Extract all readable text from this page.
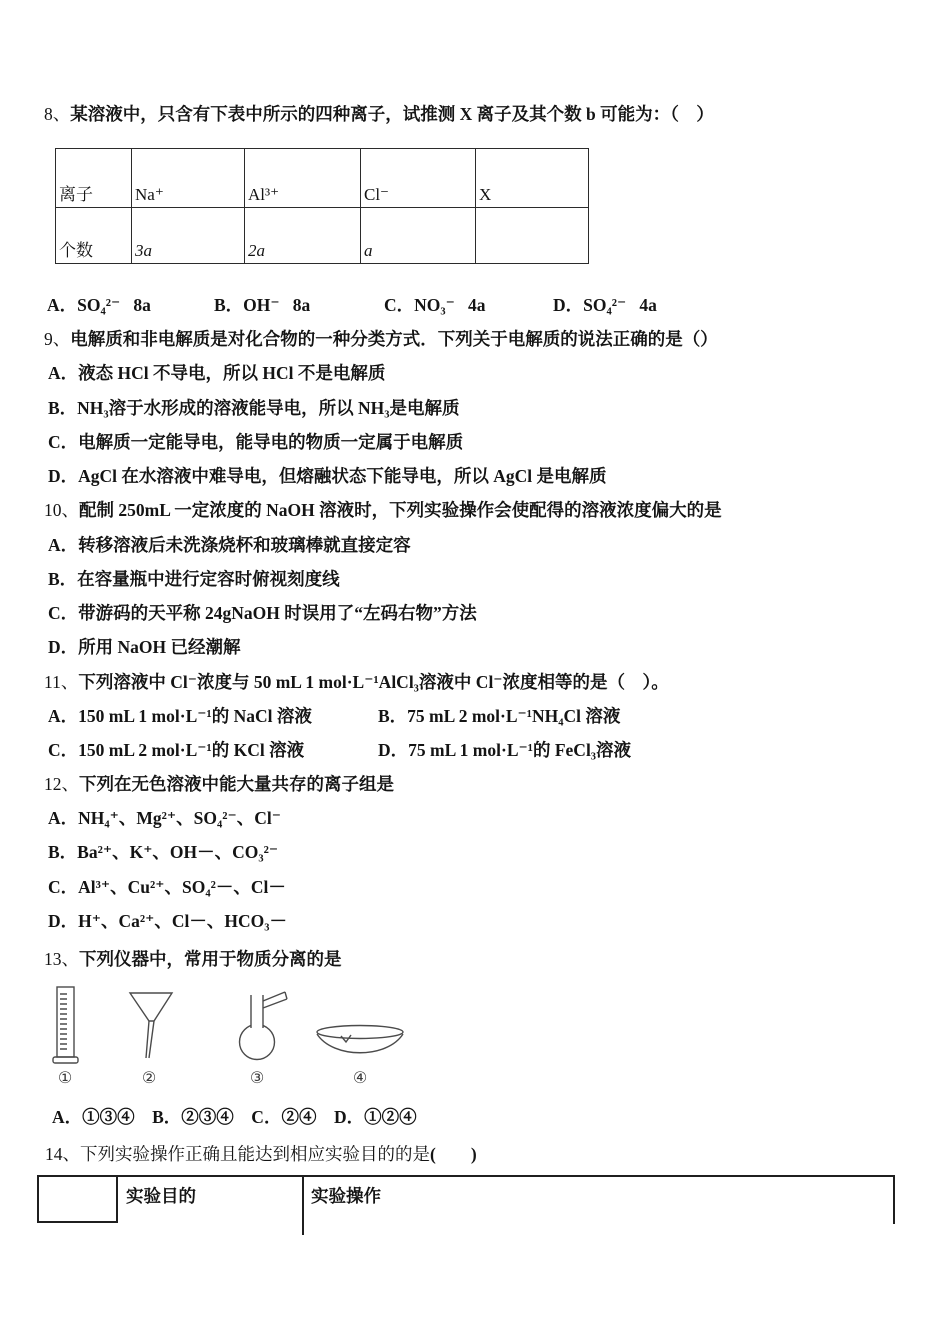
8、某溶液中，只含有下表中所示的四种离子，试推测 X 离子及其个数 b 可能为：（　）
离子	Na⁺	Al³⁺	Cl⁻	X
个数	3a	2a	a	
A．SO₄²⁻   8a	B．OH⁻   8a	C．NO₃⁻   4a	D．SO₄²⁻   4a
9、电解质和非电解质是对化合物的一种分类方式．下列关于电解质的说法正确的是（）
A．液态 HCl 不导电，所以 HCl 不是电解质
B．NH₃溶于水形成的溶液能导电，所以 NH₃是电解质
C．电解质一定能导电，能导电的物质一定属于电解质
D．AgCl 在水溶液中难导电，但熔融状态下能导电，所以 AgCl 是电解质
10、配制 250mL 一定浓度的 NaOH 溶液时，下列实验操作会使配得的溶液浓度偏大的是
A．转移溶液后未洗涤烧杯和玻璃棒就直接定容
B．在容量瓶中进行定容时俯视刻度线
C．带游码的天平称 24gNaOH 时误用了“左码右物”方法
D．所用 NaOH 已经潮解
11、下列溶液中 Cl⁻浓度与 50 mL 1 mol·L⁻¹AlCl₃溶液中 Cl⁻浓度相等的是（　）。
A．150 mL 1 mol·L⁻¹的 NaCl 溶液	B．75 mL 2 mol·L⁻¹NH₄Cl 溶液
C．150 mL 2 mol·L⁻¹的 KCl 溶液	D．75 mL 1 mol·L⁻¹的 FeCl₃溶液
12、下列在无色溶液中能大量共存的离子组是
A．NH₄⁺、Mg²⁺、SO₄²⁻、Cl⁻
B．Ba²⁺、K⁺、OH－、CO₃²⁻
C．Al³⁺、Cu²⁺、SO₄²－、Cl－
D．H⁺、Ca²⁺、Cl－、HCO₃－
13、下列仪器中，常用于物质分离的是
①	②	③	④
A．①③④　B．②③④　C．②④　D．①②④
14、下列实验操作正确且能达到相应实验目的的是(　　)
实验目的	实验操作
